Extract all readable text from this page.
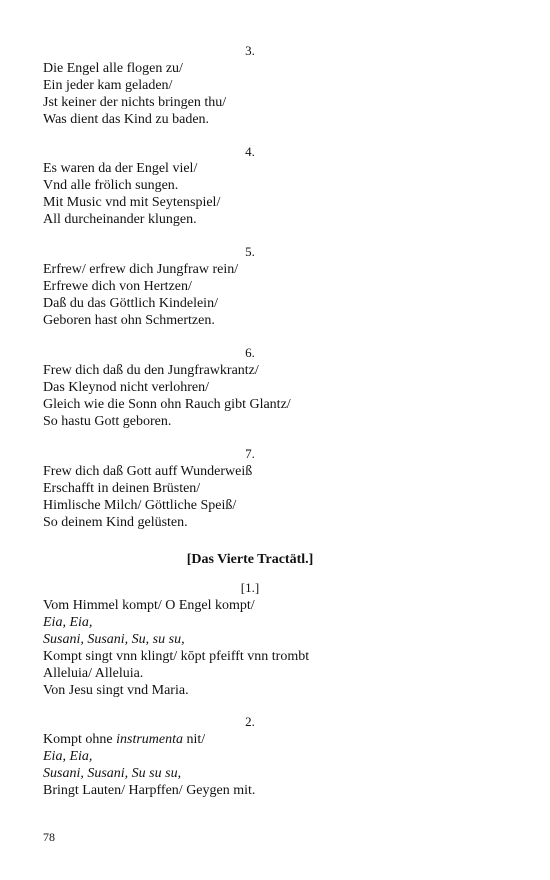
3.
Die Engel alle flogen zu/
Ein jeder kam geladen/
Jst keiner der nichts bringen thu/
Was dient das Kind zu baden.
4.
Es waren da der Engel viel/
Vnd alle frölich sungen.
Mit Music vnd mit Seytenspiel/
All durcheinander klungen.
5.
Erfrew/ erfrew dich Jungfraw rein/
Erfrewe dich von Hertzen/
Daß du das Göttlich Kindelein/
Geboren hast ohn Schmertzen.
6.
Frew dich daß du den Jungfrawkrantz/
Das Kleynod nicht verlohren/
Gleich wie die Sonn ohn Rauch gibt Glantz/
So hastu Gott geboren.
7.
Frew dich daß Gott auff Wunderweiß
Erschafft in deinen Brüsten/
Himlische Milch/ Göttliche Speiß/
So deinem Kind gelüsten.
[Das Vierte Tractätl.]
[1.]
Vom Himmel kompt/ O Engel kompt/
Eia, Eia,
Susani, Susani, Su, su su,
Kompt singt vnn klingt/ kōpt pfeifft vnn trombt
Alleluia/ Alleluia.
Von Jesu singt vnd Maria.
2.
Kompt ohne instrumenta nit/
Eia, Eia,
Susani, Susani, Su su su,
Bringt Lauten/ Harpffen/ Geygen mit.
78
